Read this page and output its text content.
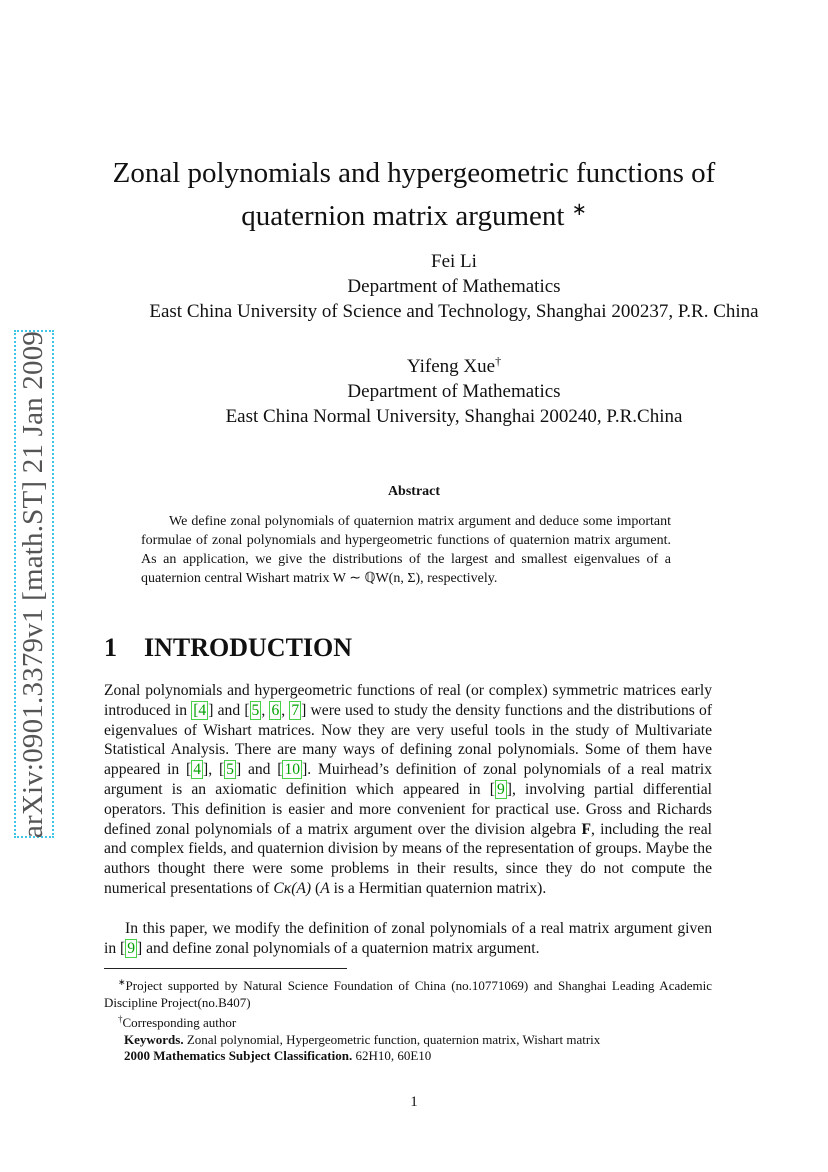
arXiv:0901.3379v1 [math.ST] 21 Jan 2009
Zonal polynomials and hypergeometric functions of
quaternion matrix argument ∗
Fei Li
Department of Mathematics
East China University of Science and Technology, Shanghai 200237, P.R. China
Yifeng Xue†
Department of Mathematics
East China Normal University, Shanghai 200240, P.R.China
Abstract
We define zonal polynomials of quaternion matrix argument and deduce some important formulae of zonal polynomials and hypergeometric functions of quaternion matrix argument. As an application, we give the distributions of the largest and smallest eigenvalues of a quaternion central Wishart matrix W ∼ ℚW(n, Σ), respectively.
1 INTRODUCTION
Zonal polynomials and hypergeometric functions of real (or complex) symmetric matrices early introduced in [4 ] and [ 5 , 6 , 7 ] were used to study the density functions and the distributions of eigenvalues of Wishart matrices. Now they are very useful tools in the study of Multivariate Statistical Analysis. There are many ways of defining zonal polynomials. Some of them have appeared in [ 4 ], [ 5 ] and [ 10 ]. Muirhead’s definition of zonal polynomials of a real matrix argument is an axiomatic definition which appeared in [ 9 ], involving partial differential operators. This definition is easier and more convenient for practical use. Gross and Richards defined zonal polynomials of a matrix argument over the division algebra F, including the real and complex fields, and quaternion division by means of the representation of groups. Maybe the authors thought there were some problems in their results, since they do not compute the numerical presentations of Cκ(A) (A is a Hermitian quaternion matrix).
In this paper, we modify the definition of zonal polynomials of a real matrix argument given in [ 9 ] and define zonal polynomials of a quaternion matrix argument.
∗Project supported by Natural Science Foundation of China (no.10771069) and Shanghai Leading Academic Discipline Project(no.B407)
†Corresponding author
Keywords. Zonal polynomial, Hypergeometric function, quaternion matrix, Wishart matrix
2000 Mathematics Subject Classification. 62H10, 60E10
1
